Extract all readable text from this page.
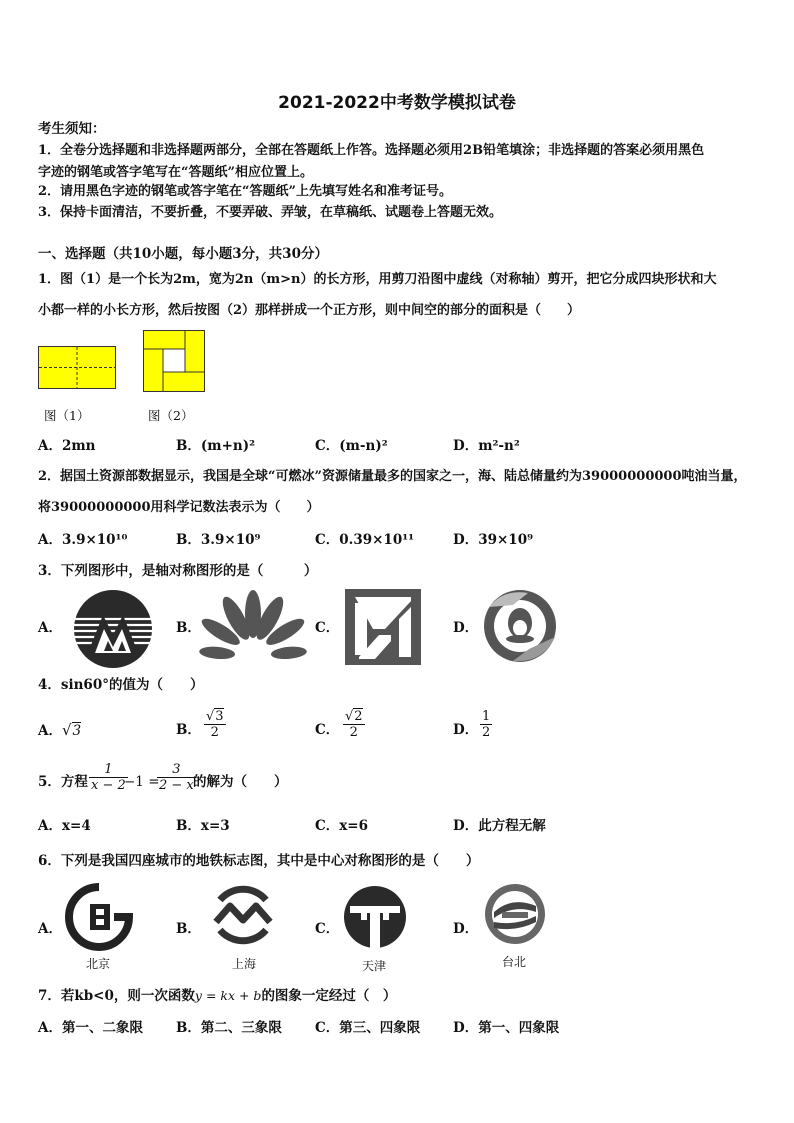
2021-2022中考数学模拟试卷
考生须知：
1．全卷分选择题和非选择题两部分，全部在答题纸上作答。选择题必须用2B铅笔填涂；非选择题的答案必须用黑色
字迹的钢笔或答字笔写在“答题纸”相应位置上。
2．请用黑色字迹的钢笔或答字笔在“答题纸”上先填写姓名和准考证号。
3．保持卡面清洁，不要折叠，不要弄破、弄皱，在草稿纸、试题卷上答题无效。
一、选择题（共10小题，每小题3分，共30分）
1．图（1）是一个长为2m，宽为2n（m>n）的长方形，用剪刀沿图中虚线（对称轴）剪开，把它分成四块形状和大
小都一样的小长方形，然后按图（2）那样拼成一个正方形，则中间空的部分的面积是（　　）
图（1）	图（2）
A．2mn	B．(m+n)²	C．(m-n)²	D．m²-n²
2．据国土资源部数据显示，我国是全球“可燃冰”资源储量最多的国家之一，海、陆总储量约为39000000000吨油当量，
将39000000000用科学记数法表示为（　　）
A．3.9×10¹⁰	B．3.9×10⁹	C．0.39×10¹¹	D．39×10⁹
3．下列图形中，是轴对称图形的是（　　　）
A．	B．	C．	D．
4．sin60°的值为（　　）
A．√3	B． $\frac{√3}{2}$	C． $\frac{√2}{2}$	D． $\frac{1}{2}$
5．方程 $\frac{1}{x - 2}$
−1 =
$\frac{3}{2 - x}$
的解为（　　）
A．x=4	B．x=3	C．x=6	D．此方程无解
6．下列是我国四座城市的地铁标志图，其中是中心对称图形的是（　　）
A．	B．	C．	D．
北京	上海	天津	台北
7．若kb<0，则一次函数y = kx + b的图象一定经过（　）
A．第一、二象限 B．第二、三象限 C．第三、四象限 D．第一、四象限
